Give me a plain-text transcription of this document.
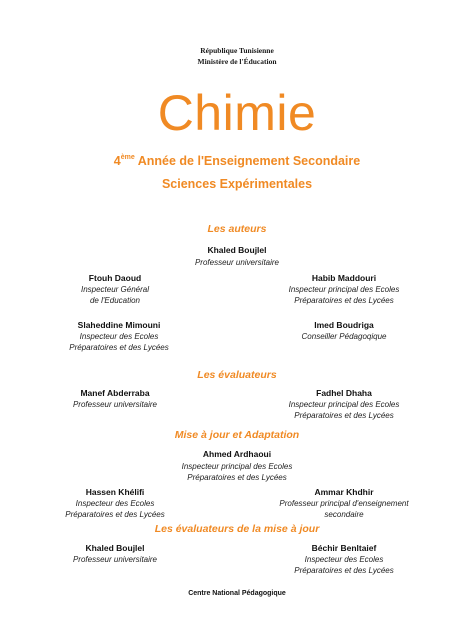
République Tunisienne
Ministère de l'Éducation
Chimie
4ème Année de l'Enseignement Secondaire
Sciences Expérimentales
Les auteurs
Khaled Boujlel
Professeur universitaire
Ftouh Daoud
Inspecteur Général
de l'Education
Habib Maddouri
Inspecteur principal des Ecoles
Préparatoires et des Lycées
Slaheddine Mimouni
Inspecteur des Ecoles
Préparatoires et des Lycées
Imed Boudriga
Conseiller Pédagoqique
Les évaluateurs
Manef Abderraba
Professeur universitaire
Fadhel Dhaha
Inspecteur principal des Ecoles
Préparatoires et des Lycées
Mise à jour et Adaptation
Ahmed Ardhaoui
Inspecteur principal des Ecoles
Préparatoires et des Lycées
Hassen Khélifi
Inspecteur des Ecoles
Préparatoires et des Lycées
Ammar Khdhir
Professeur principal d'enseignement
secondaire
Les évaluateurs de la mise à jour
Khaled Boujlel
Professeur universitaire
Béchir Benltaief
Inspecteur des Ecoles
Préparatoires et des Lycées
Centre National Pédagogique
